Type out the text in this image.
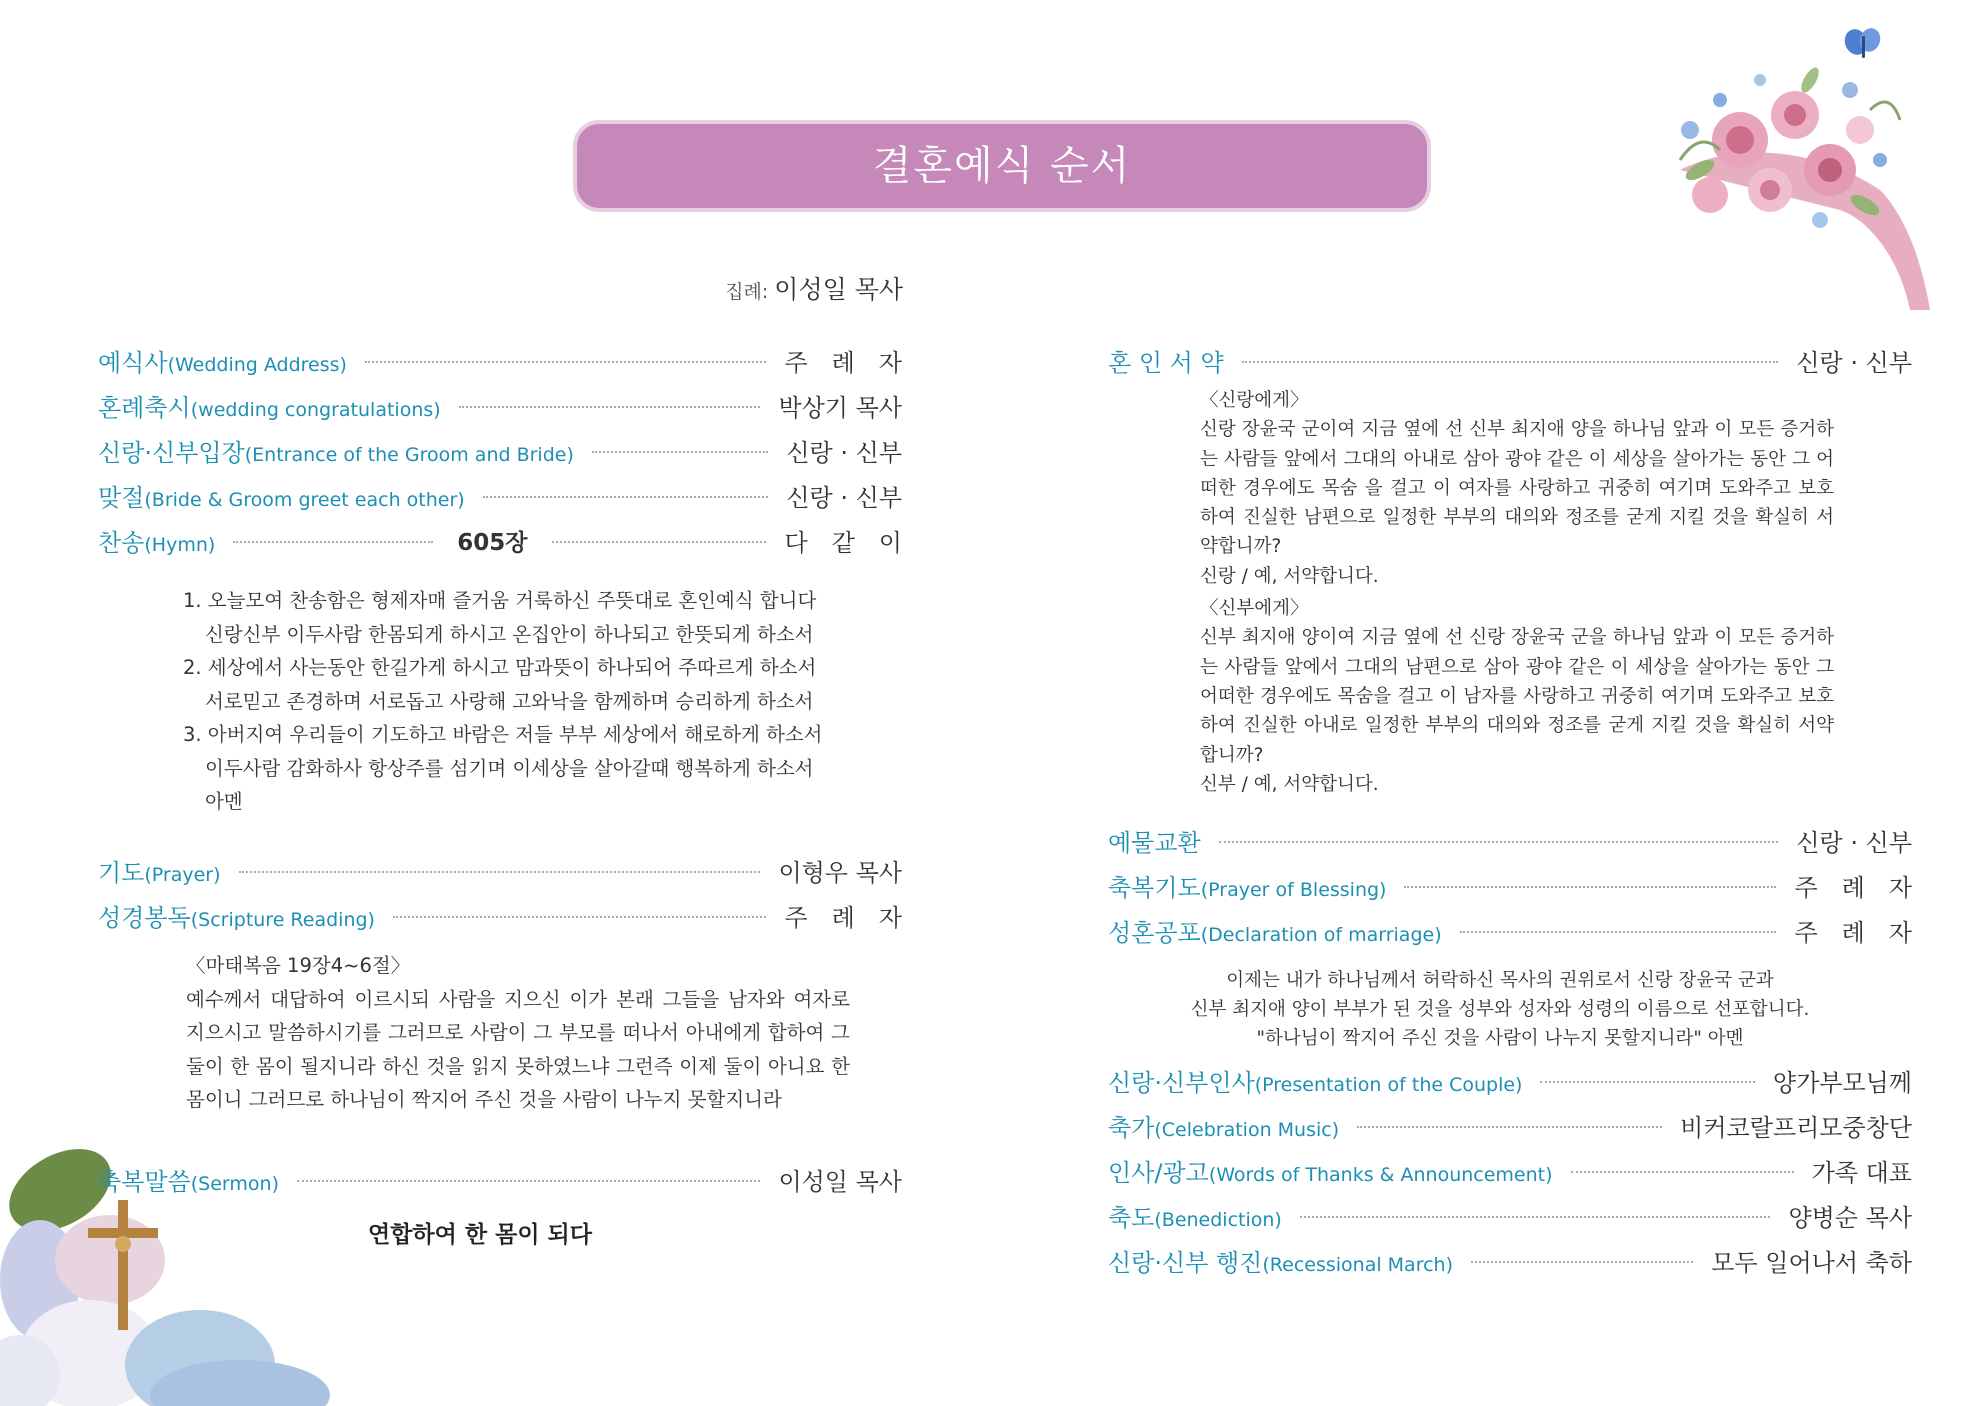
결혼예식 순서
집례: 이성일 목사
예식사(Wedding Address)	주례자
혼례축시(wedding congratulations)	박상기 목사
신랑·신부입장(Entrance of the Groom and Bride)	신랑 · 신부
맞절(Bride & Groom greet each other)	신랑 · 신부
찬송(Hymn)	605장	다같이

1. 오늘모여 찬송함은 형제자매 즐거움 거룩하신 주뜻대로 혼인예식 합니다

신랑신부 이두사람 한몸되게 하시고 온집안이 하나되고 한뜻되게 하소서

2. 세상에서 사는동안 한길가게 하시고 맘과뜻이 하나되어 주따르게 하소서

서로믿고 존경하며 서로돕고 사랑해 고와낙을 함께하며 승리하게 하소서

3. 아버지여 우리들이 기도하고 바람은 저들 부부 세상에서 해로하게 하소서

이두사람 감화하사 항상주를 섬기며 이세상을 살아갈때 행복하게 하소서

아멘

기도(Prayer)	이형우 목사
성경봉독(Scripture Reading)	주례자

〈마태복음 19장4~6절〉

예수께서 대답하여 이르시되 사람을 지으신 이가 본래 그들을 남자와 여자로 지으시고 말씀하시기를 그러므로 사람이 그 부모를 떠나서 아내에게 합하여 그 둘이 한 몸이 될지니라 하신 것을 읽지 못하였느냐 그런즉 이제 둘이 아니요 한 몸이니 그러므로 하나님이 짝지어 주신 것을 사람이 나누지 못할지니라

축복말씀(Sermon)	이성일 목사
연합하여 한 몸이 되다
혼 인 서 약	신랑 · 신부

〈신랑에게〉

신랑 장윤국 군이여 지금 옆에 선 신부 최지애 양을 하나님 앞과 이 모든 증거하는 사람들 앞에서 그대의 아내로 삼아 광야 같은 이 세상을 살아가는 동안 그 어떠한 경우에도 목숨 을 걸고 이 여자를 사랑하고 귀중히 여기며 도와주고 보호하여 진실한 남편으로 일정한 부부의 대의와 정조를 굳게 지킬 것을 확실히 서약합니까?

신랑 / 예, 서약합니다.

〈신부에게〉

신부 최지애 양이여 지금 옆에 선 신랑 장윤국 군을 하나님 앞과 이 모든 증거하는 사람들 앞에서 그대의 남편으로 삼아 광야 같은 이 세상을 살아가는 동안 그 어떠한 경우에도 목숨을 걸고 이 남자를 사랑하고 귀중히 여기며 도와주고 보호하여 진실한 아내로 일정한 부부의 대의와 정조를 굳게 지킬 것을 확실히 서약합니까?

신부 / 예, 서약합니다.

예물교환	신랑 · 신부
축복기도(Prayer of Blessing)	주례자
성혼공포(Declaration of marriage)	주례자
이제는 내가 하나님께서 허락하신 목사의 권위로서 신랑 장윤국 군과
신부 최지애 양이 부부가 된 것을 성부와 성자와 성령의 이름으로 선포합니다.
"하나님이 짝지어 주신 것을 사람이 나누지 못할지니라" 아멘
신랑·신부인사(Presentation of the Couple)	양가부모님께
축가(Celebration Music)	비커코랄프리모중창단
인사/광고(Words of Thanks & Announcement)	가족 대표
축도(Benediction)	양병순 목사
신랑·신부 행진(Recessional March)	모두 일어나서 축하
